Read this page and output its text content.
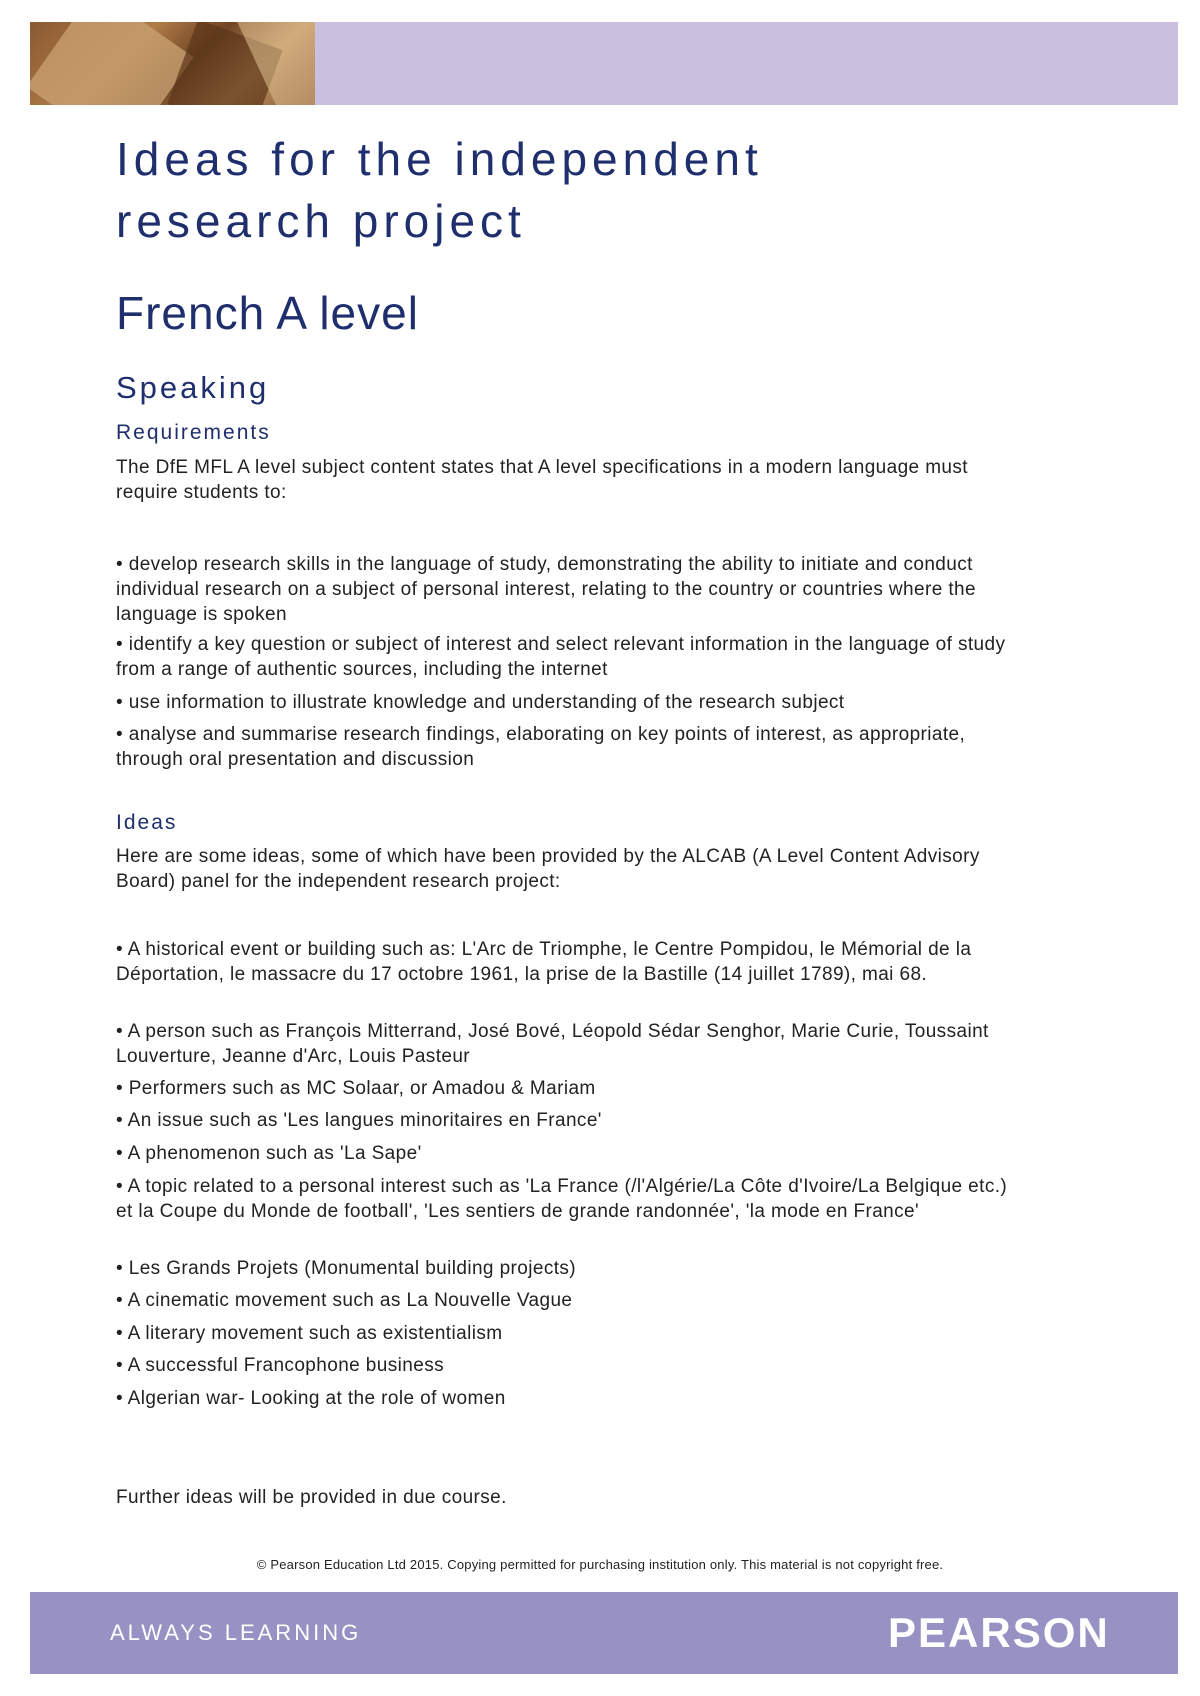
Ideas for the independent research project
French A level
Speaking
Requirements

The DfE MFL A level subject content states that A level specifications in a modern language must require students to:

• develop research skills in the language of study, demonstrating the ability to initiate and conduct individual research on a subject of personal interest, relating to the country or countries where the language is spoken

• identify a key question or subject of interest and select relevant information in the language of study from a range of authentic sources, including the internet

• use information to illustrate knowledge and understanding of the research subject

• analyse and summarise research findings, elaborating on key points of interest, as appropriate, through oral presentation and discussion

Ideas

Here are some ideas, some of which have been provided by the ALCAB (A Level Content Advisory Board) panel for the independent research project:

• A historical event or building such as: L'Arc de Triomphe, le Centre Pompidou, le Mémorial de la Déportation, le massacre du 17 octobre 1961, la prise de la Bastille (14 juillet 1789), mai 68.

• A person such as François Mitterrand, José Bové, Léopold Sédar Senghor, Marie Curie, Toussaint Louverture, Jeanne d'Arc, Louis Pasteur

• Performers such as MC Solaar, or Amadou & Mariam

• An issue such as 'Les langues minoritaires en France'

• A phenomenon such as 'La Sape'

• A topic related to a personal interest such as 'La France (/l'Algérie/La Côte d'Ivoire/La Belgique etc.) et la Coupe du Monde de football', 'Les sentiers de grande randonnée', 'la mode en France'

• Les Grands Projets (Monumental building projects)

• A cinematic movement such as La Nouvelle Vague

• A literary movement such as existentialism

• A successful Francophone business

• Algerian war- Looking at the role of women

Further ideas will be provided in due course.

© Pearson Education Ltd 2015. Copying permitted for purchasing institution only. This material is not copyright free.
ALWAYS LEARNING	PEARSON
